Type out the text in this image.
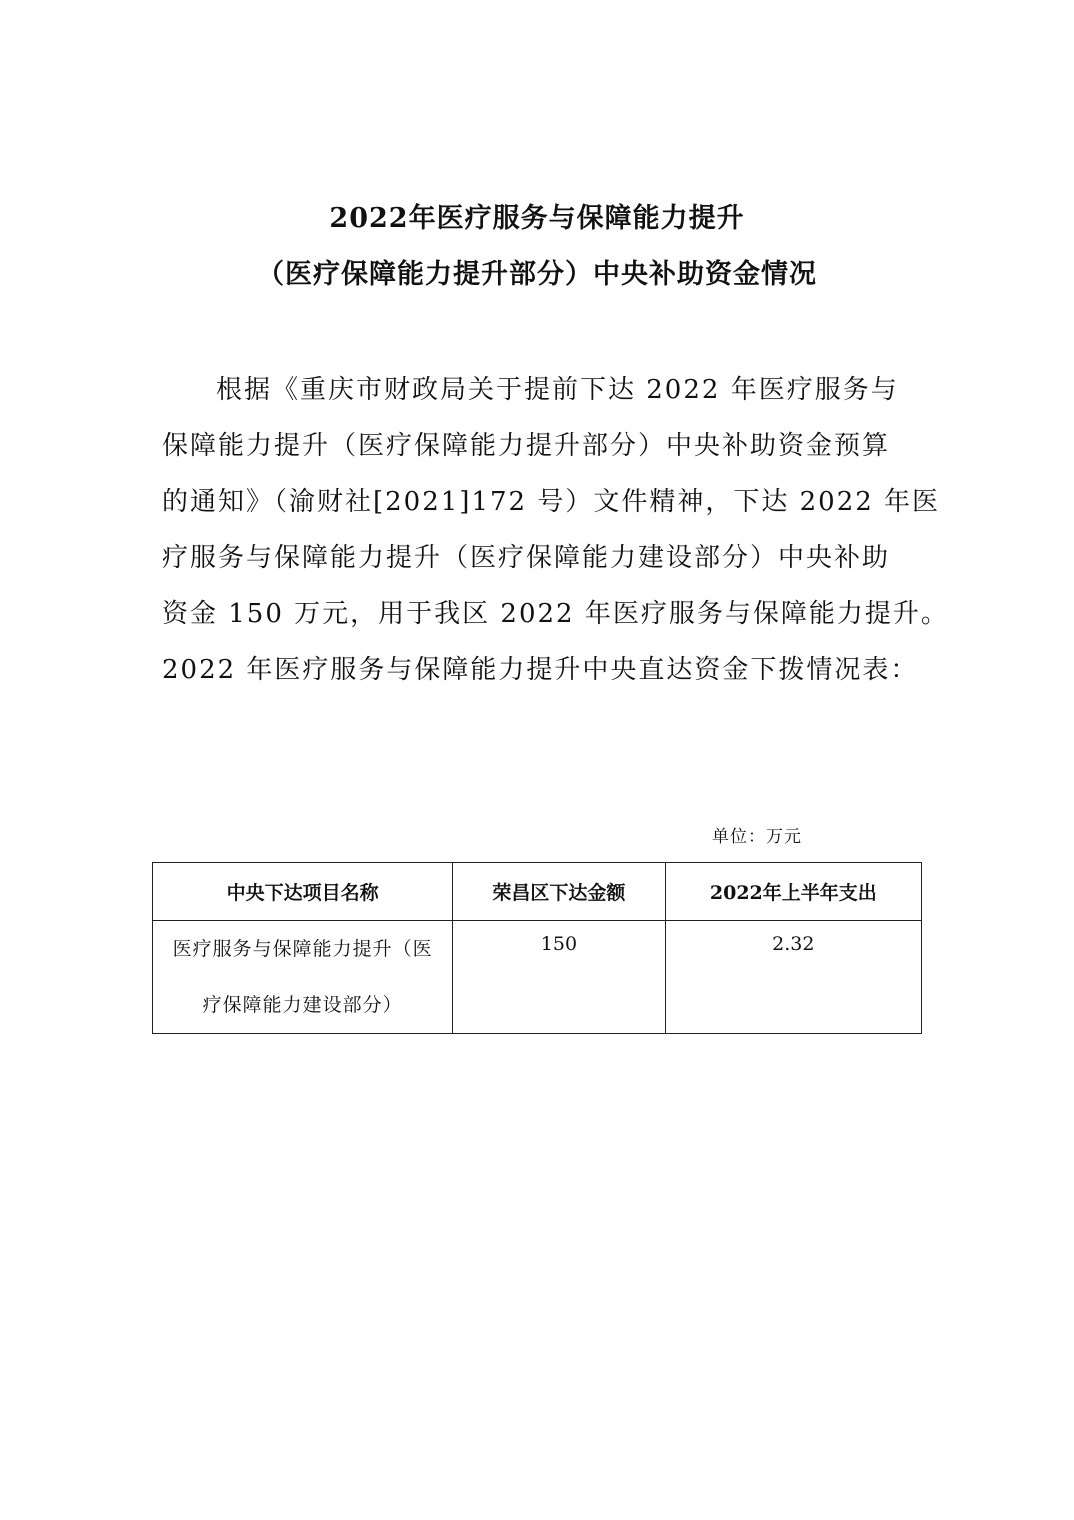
2022年医疗服务与保障能力提升
（医疗保障能力提升部分）中央补助资金情况

根据《重庆市财政局关于提前下达 2022 年医疗服务与

保障能力提升（医疗保障能力提升部分）中央补助资金预算

的通知》（渝财社[2021]172 号）文件精神，下达 2022 年医

疗服务与保障能力提升（医疗保障能力建设部分）中央补助

资金 150 万元，用于我区 2022 年医疗服务与保障能力提升。

2022 年医疗服务与保障能力提升中央直达资金下拨情况表：

单位：万元
中央下达项目名称	荣昌区下达金额	2022年上半年支出

医疗服务与保障能力提升（医
疗保障能力建设部分）	150	2.32
